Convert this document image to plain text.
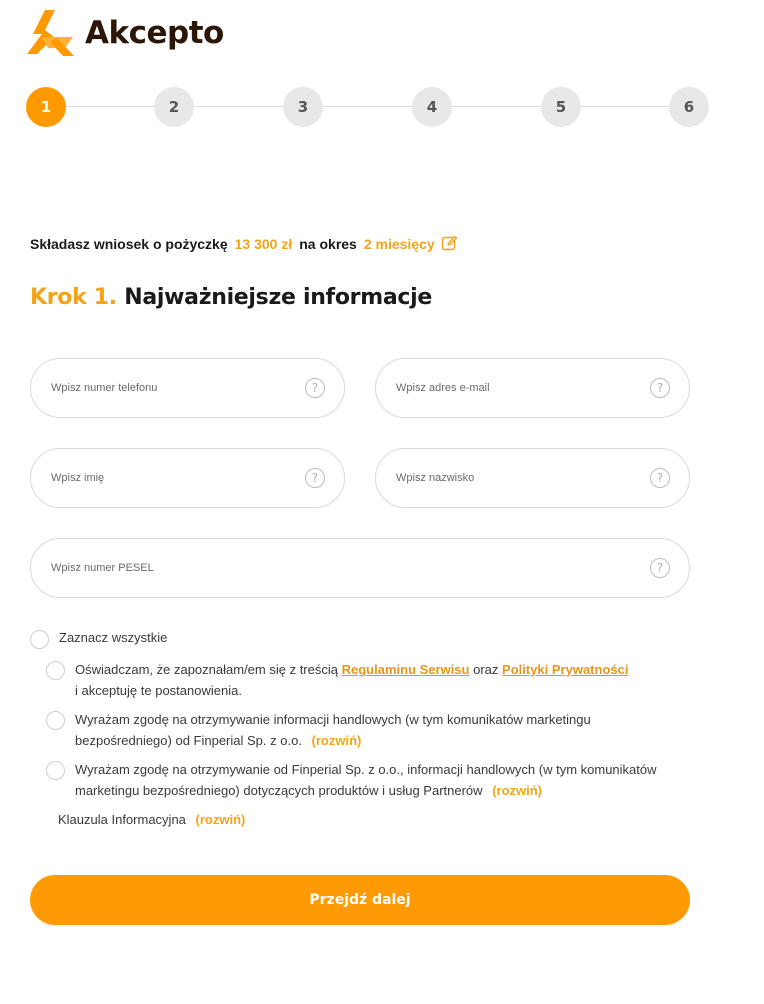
Akcepto
1	2	3	4	5	6
Składasz wniosek o pożyczkę 13 300 zł na okres 2 miesięcy
Krok 1. Najważniejsze informacje
Wpisz numer telefonu
?
Wpisz adres e-mail	?
Wpisz imię
?
Wpisz nazwisko	?
Wpisz numer PESEL
?
Zaznacz wszystkie
Oświadczam, że zapoznałam/em się z treścią Regulaminu Serwisu oraz Polityki Prywatności
i akceptuję te postanowienia.
Wyrażam zgodę na otrzymywanie informacji handlowych (w tym komunikatów marketingu bezpośredniego) od Finperial Sp. z o.o. (rozwiń)
Wyrażam zgodę na otrzymywanie od Finperial Sp. z o.o., informacji handlowych (w tym komunikatów marketingu bezpośredniego) dotyczących produktów i usług Partnerów (rozwiń)
Klauzula Informacyjna (rozwiń)
Przejdź dalej
